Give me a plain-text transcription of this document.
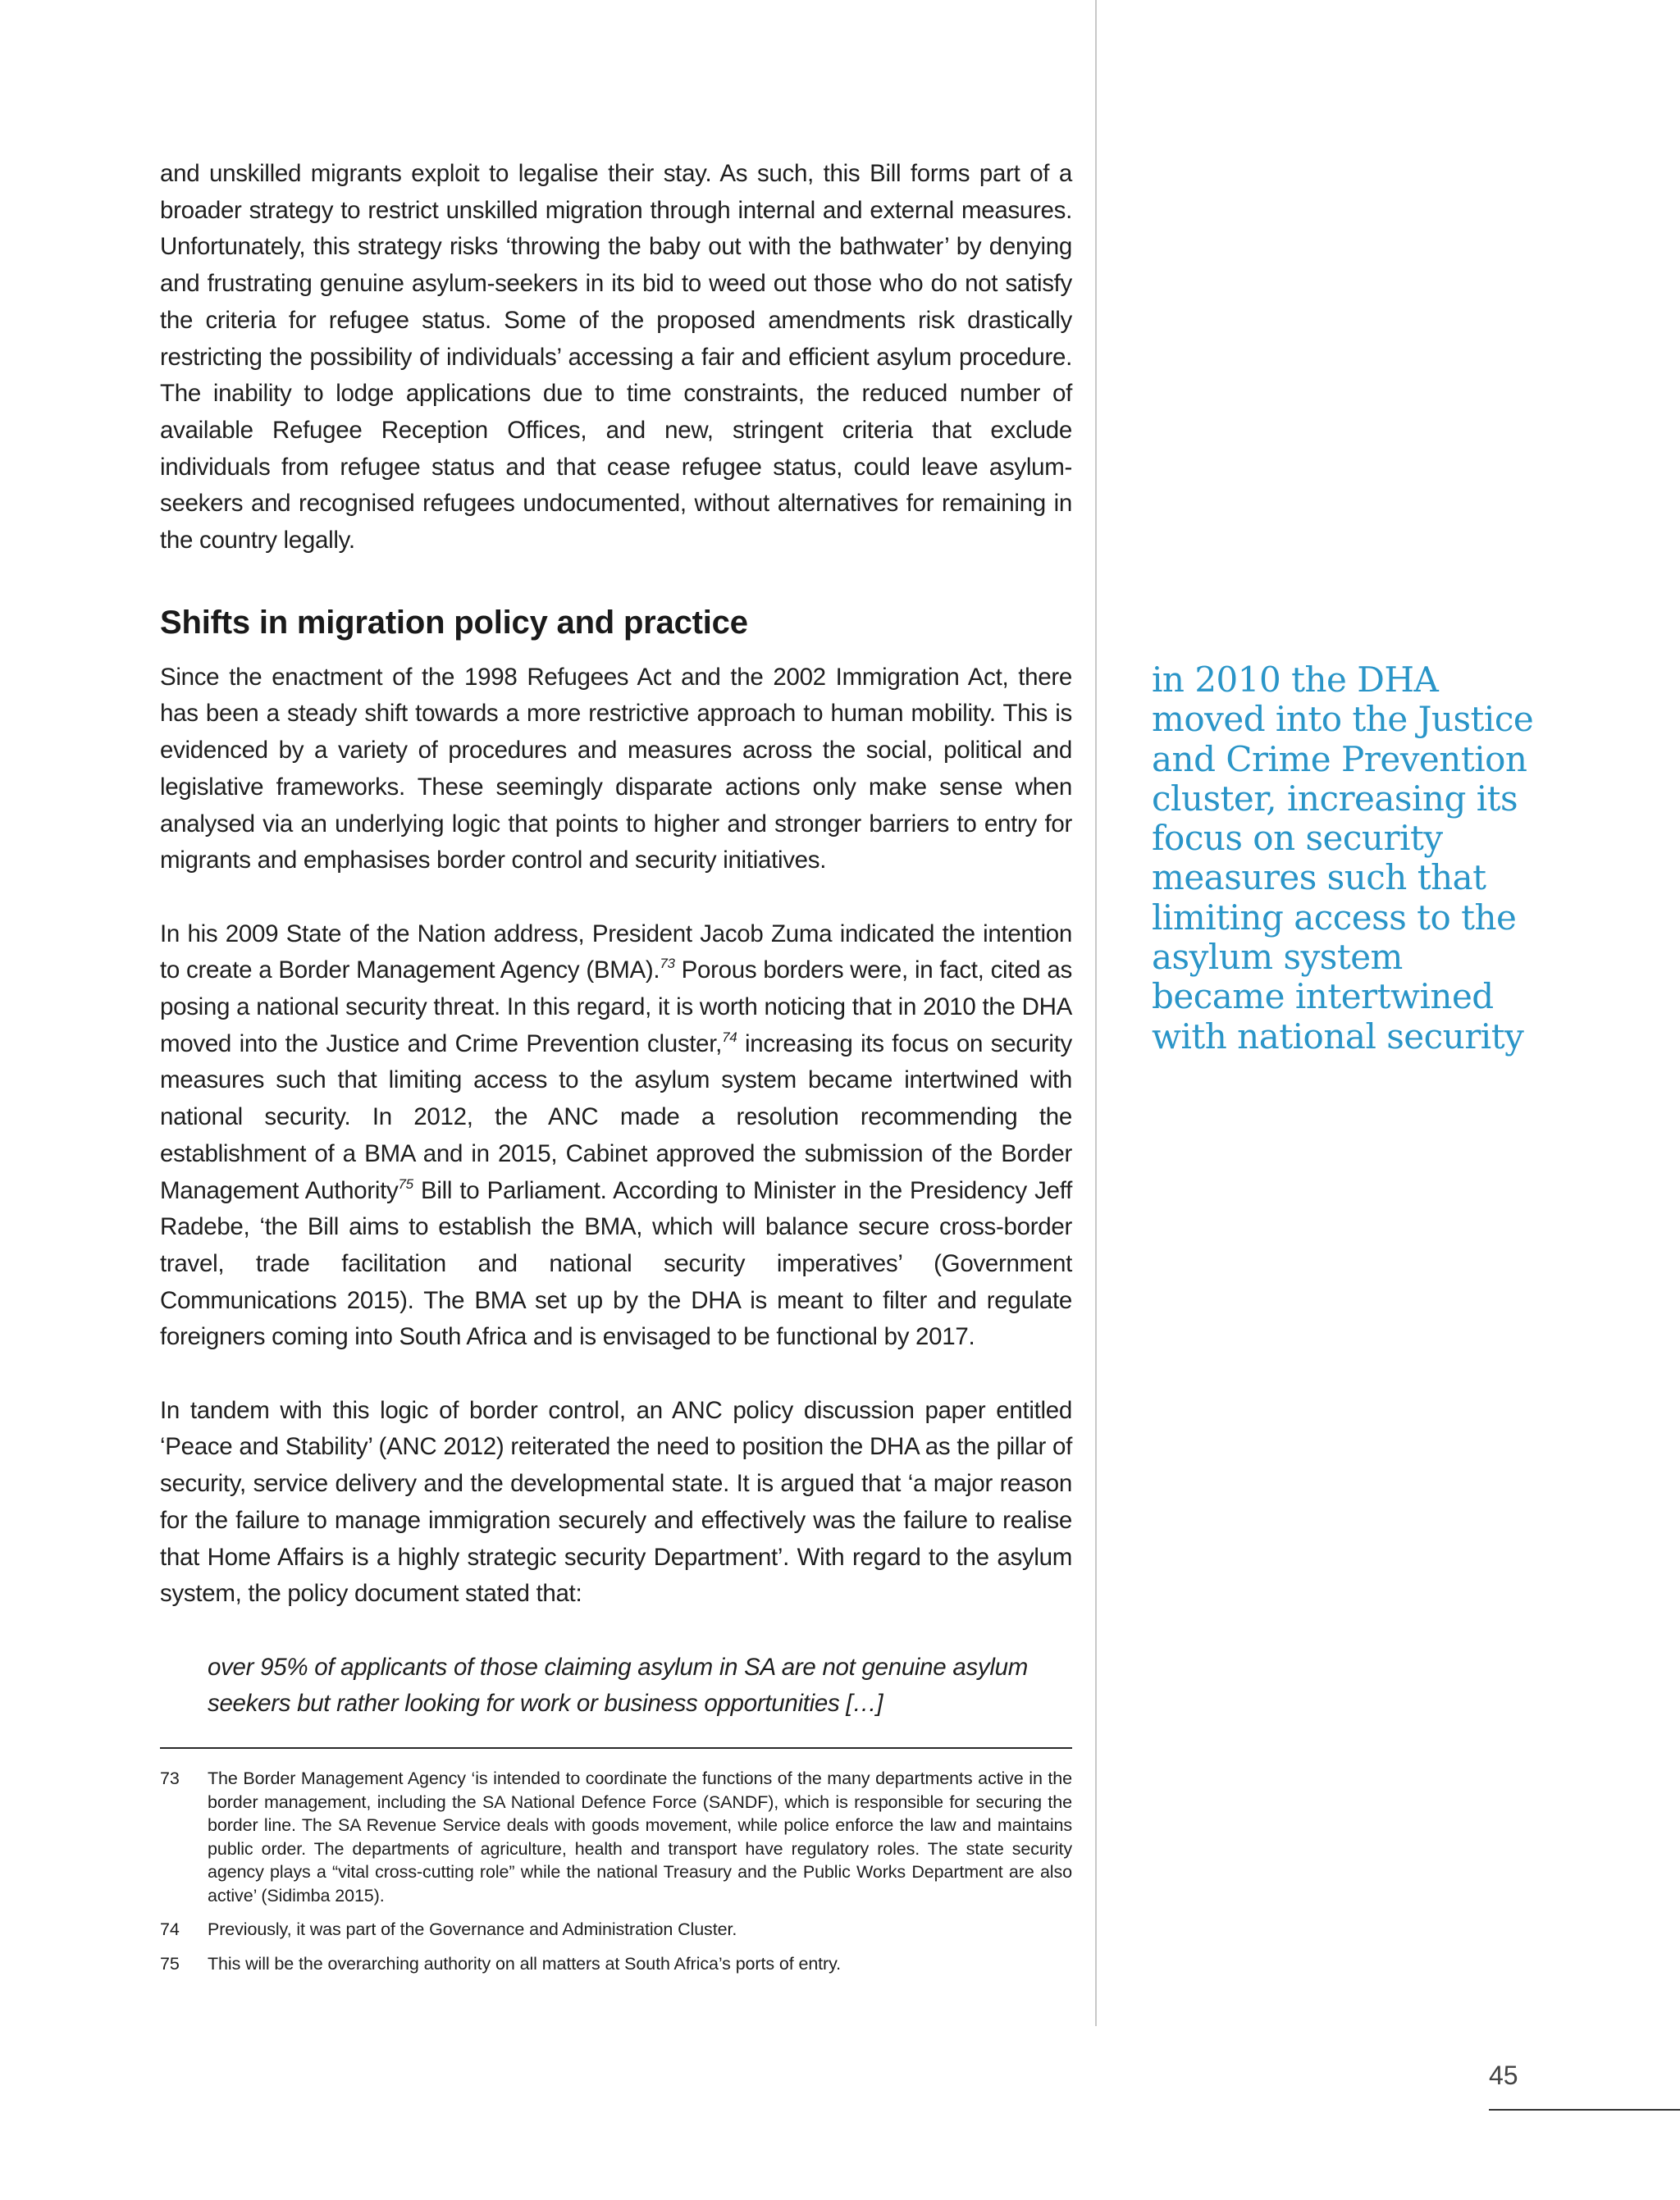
and unskilled migrants exploit to legalise their stay. As such, this Bill forms part of a broader strategy to restrict unskilled migration through internal and external measures. Unfortunately, this strategy risks ‘throwing the baby out with the bathwater’ by denying and frustrating genuine asylum-seekers in its bid to weed out those who do not satisfy the criteria for refugee status. Some of the proposed amendments risk drastically restricting the possibility of individuals’ accessing a fair and efficient asylum procedure. The inability to lodge applications due to time constraints, the reduced number of available Refugee Reception Offices, and new, stringent criteria that exclude individuals from refugee status and that cease refugee status, could leave asylum-seekers and recognised refugees undocumented, without alternatives for remaining in the country legally.

Shifts in migration policy and practice

Since the enactment of the 1998 Refugees Act and the 2002 Immigration Act, there has been a steady shift towards a more restrictive approach to human mobility. This is evidenced by a variety of procedures and measures across the social, political and legislative frameworks. These seemingly disparate actions only make sense when analysed via an underlying logic that points to higher and stronger barriers to entry for migrants and emphasises border control and security initiatives.

In his 2009 State of the Nation address, President Jacob Zuma indicated the intention to create a Border Management Agency (BMA).$^{73}$ Porous borders were, in fact, cited as posing a national security threat. In this regard, it is worth noticing that in 2010 the DHA moved into the Justice and Crime Prevention cluster,$^{74}$ increasing its focus on security measures such that limiting access to the asylum system became intertwined with national security. In 2012, the ANC made a resolution recommending the establishment of a BMA and in 2015, Cabinet approved the submission of the Border Management Authority$^{75}$ Bill to Parliament. According to Minister in the Presidency Jeff Radebe, ‘the Bill aims to establish the BMA, which will balance secure cross-border travel, trade facilitation and national security imperatives’ (Government Communications 2015). The BMA set up by the DHA is meant to filter and regulate foreigners coming into South Africa and is envisaged to be functional by 2017.

In tandem with this logic of border control, an ANC policy discussion paper entitled ‘Peace and Stability’ (ANC 2012) reiterated the need to position the DHA as the pillar of security, service delivery and the developmental state. It is argued that ‘a major reason for the failure to manage immigration securely and effectively was the failure to realise that Home Affairs is a highly strategic security Department’. With regard to the asylum system, the policy document stated that:

over 95% of applicants of those claiming asylum in SA are not genuine asylum seekers but rather looking for work or business opportunities […]

73	The Border Management Agency ‘is intended to coordinate the functions of the many departments active in the border management, including the SA National Defence Force (SANDF), which is responsible for securing the border line. The SA Revenue Service deals with goods movement, while police enforce the law and maintains public order. The departments of agriculture, health and transport have regulatory roles. The state security agency plays a “vital cross-cutting role” while the national Treasury and the Public Works Department are also active’ (Sidimba 2015).
74	Previously, it was part of the Governance and Administration Cluster.
75	This will be the overarching authority on all matters at South Africa’s ports of entry.
in 2010 the DHA moved into the Justice and Crime Prevention cluster, increasing its focus on security measures such that limiting access to the asylum system became intertwined with national security
45
